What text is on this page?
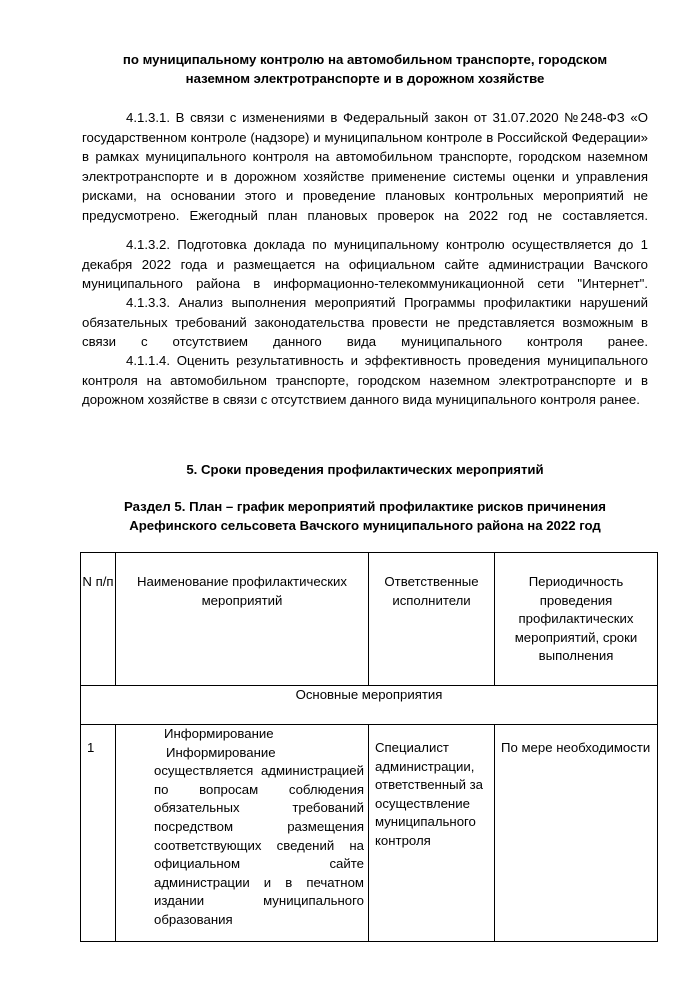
по муниципальному контролю на автомобильном транспорте, городском
наземном электротранспорте и в дорожном хозяйстве

4.1.3.1. В связи с изменениями в Федеральный закон от 31.07.2020 №248-ФЗ «О государственном контроле (надзоре) и муниципальном контроле в Российской Федерации» в рамках муниципального контроля на автомобильном транспорте, городском наземном электротранспорте и в дорожном хозяйстве применение системы оценки и управления рисками, на основании этого и проведение плановых контрольных мероприятий не предусмотрено. Ежегодный план плановых проверок на 2022 год не составляется.

4.1.3.2. Подготовка доклада по муниципальному контролю осуществляется до 1 декабря 2022 года и размещается на официальном сайте администрации Вачского муниципального района в информационно-телекоммуникационной сети "Интернет".

4.1.3.3. Анализ выполнения мероприятий Программы профилактики нарушений обязательных требований законодательства провести не представляется возможным в связи с отсутствием данного вида муниципального контроля ранее.

4.1.1.4. Оценить результативность и эффективность проведения муниципального контроля на автомобильном транспорте, городском наземном электротранспорте и в дорожном хозяйстве в связи с отсутствием данного вида муниципального контроля ранее.

5. Сроки проведения профилактических мероприятий
Раздел 5. План – график мероприятий профилактике рисков причинения
Арефинского сельсовета Вачского муниципального района на 2022 год
N п/п	Наименование профилактических мероприятий	Ответственные исполнители	Периодичность проведения профилактических мероприятий, сроки выполнения
Основные мероприятия			
1	Информирование
Информирование
осуществляется администрацией по вопросам соблюдения обязательных требований посредством размещения соответствующих сведений на официальном сайте администрации и в печатном издании муниципального
образования	Специалист администрации, ответственный за осуществление муниципального контроля	По мере необходимости
